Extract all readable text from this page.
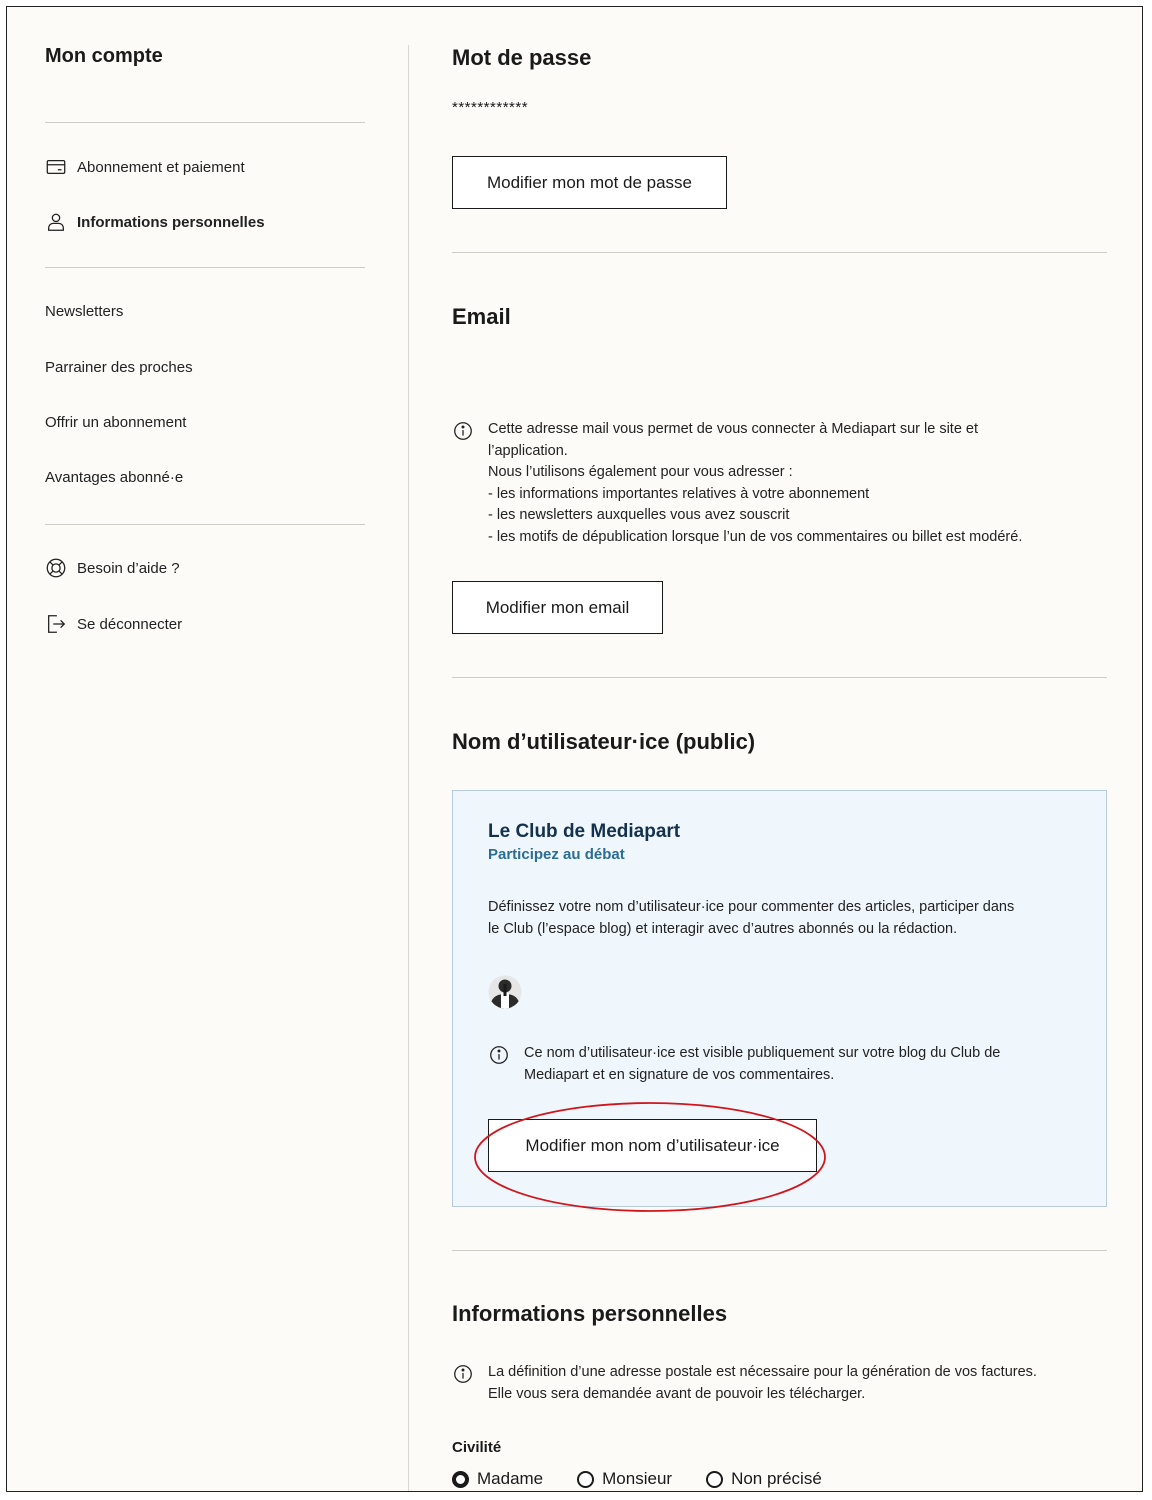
Mon compte
Abonnement et paiement
Informations personnelles
Newsletters
Parrainer des proches
Offrir un abonnement
Avantages abonné·e
Besoin d’aide ?
Se déconnecter
Mot de passe
************
Modifier mon mot de passe
Email
Cette adresse mail vous permet de vous connecter à Mediapart sur le site et
l’application.
Nous l’utilisons également pour vous adresser :
- les informations importantes relatives à votre abonnement
- les newsletters auxquelles vous avez souscrit
- les motifs de dépublication lorsque l’un de vos commentaires ou billet est modéré.
Modifier mon email
Nom d’utilisateur·ice (public)
Le Club de Mediapart
Participez au débat
Définissez votre nom d’utilisateur·ice pour commenter des articles, participer dans
le Club (l’espace blog) et interagir avec d’autres abonnés ou la rédaction.
Ce nom d’utilisateur·ice est visible publiquement sur votre blog du Club de
Mediapart et en signature de vos commentaires.
Modifier mon nom d’utilisateur·ice
Informations personnelles
La définition d’une adresse postale est nécessaire pour la génération de vos factures.
Elle vous sera demandée avant de pouvoir les télécharger.
Civilité
Madame	Monsieur	Non précisé
